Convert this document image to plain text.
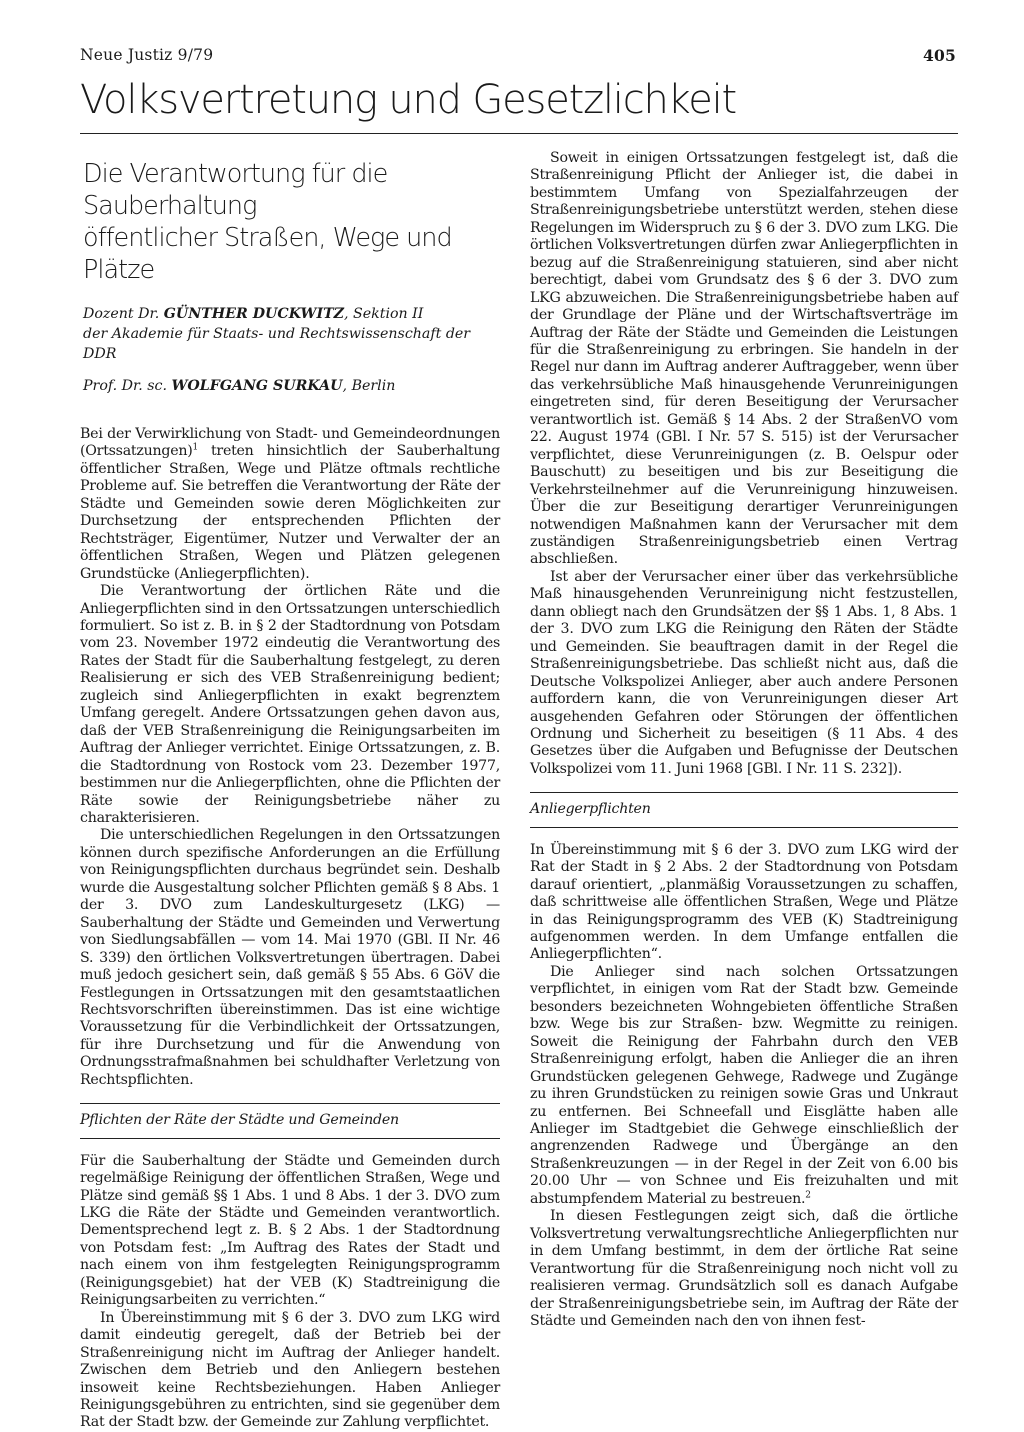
Neue Justiz 9/79	405
Volksvertretung und Gesetzlichkeit
Die Verantwortung für die Sauberhaltung
öffentlicher Straßen, Wege und Plätze
Dozent Dr. GÜNTHER DUCKWITZ, Sektion II
der Akademie für Staats- und Rechtswissenschaft der DDR
Prof. Dr. sc. WOLFGANG SURKAU, Berlin

Bei der Verwirklichung von Stadt- und Gemeindeordnungen (Ortssatzungen)$^1$ treten hinsichtlich der Sauberhaltung öffentlicher Straßen, Wege und Plätze oftmals rechtliche Probleme auf. Sie betreffen die Verantwortung der Räte der Städte und Gemeinden sowie deren Möglichkeiten zur Durchsetzung der entsprechenden Pflichten der Rechtsträger, Eigentümer, Nutzer und Verwalter der an öffentlichen Straßen, Wegen und Plätzen gelegenen Grundstücke (Anliegerpflichten).

Die Verantwortung der örtlichen Räte und die Anliegerpflichten sind in den Ortssatzungen unterschiedlich formuliert. So ist z. B. in § 2 der Stadtordnung von Potsdam vom 23. November 1972 eindeutig die Verantwortung des Rates der Stadt für die Sauberhaltung festgelegt, zu deren Realisierung er sich des VEB Straßenreinigung bedient; zugleich sind Anliegerpflichten in exakt begrenztem Umfang geregelt. Andere Ortssatzungen gehen davon aus, daß der VEB Straßenreinigung die Reinigungsarbeiten im Auftrag der Anlieger verrichtet. Einige Ortssatzungen, z. B. die Stadtordnung von Rostock vom 23. Dezember 1977, bestimmen nur die Anliegerpflichten, ohne die Pflichten der Räte sowie der Reinigungsbetriebe näher zu charakterisieren.

Die unterschiedlichen Regelungen in den Ortssatzungen können durch spezifische Anforderungen an die Erfüllung von Reinigungspflichten durchaus begründet sein. Deshalb wurde die Ausgestaltung solcher Pflichten gemäß § 8 Abs. 1 der 3. DVO zum Landeskulturgesetz (LKG) — Sauberhaltung der Städte und Gemeinden und Verwertung von Siedlungsabfällen — vom 14. Mai 1970 (GBl. II Nr. 46 S. 339) den örtlichen Volksvertretungen übertragen. Dabei muß jedoch gesichert sein, daß gemäß § 55 Abs. 6 GöV die Festlegungen in Ortssatzungen mit den gesamtstaatlichen Rechtsvorschriften übereinstimmen. Das ist eine wichtige Voraussetzung für die Verbindlichkeit der Ortssatzungen, für ihre Durchsetzung und für die Anwendung von Ordnungsstrafmaßnahmen bei schuldhafter Verletzung von Rechtspflichten.

Pflichten der Räte der Städte und Gemeinden

Für die Sauberhaltung der Städte und Gemeinden durch regelmäßige Reinigung der öffentlichen Straßen, Wege und Plätze sind gemäß §§ 1 Abs. 1 und 8 Abs. 1 der 3. DVO zum LKG die Räte der Städte und Gemeinden verantwortlich. Dementsprechend legt z. B. § 2 Abs. 1 der Stadtordnung von Potsdam fest: „Im Auftrag des Rates der Stadt und nach einem von ihm festgelegten Reinigungsprogramm (Reinigungsgebiet) hat der VEB (K) Stadtreinigung die Reinigungsarbeiten zu verrichten.“

In Übereinstimmung mit § 6 der 3. DVO zum LKG wird damit eindeutig geregelt, daß der Betrieb bei der Straßenreinigung nicht im Auftrag der Anlieger handelt. Zwischen dem Betrieb und den Anliegern bestehen insoweit keine Rechtsbeziehungen. Haben Anlieger Reinigungsgebühren zu entrichten, sind sie gegenüber dem Rat der Stadt bzw. der Gemeinde zur Zahlung verpflichtet.

Soweit in einigen Ortssatzungen festgelegt ist, daß die Straßenreinigung Pflicht der Anlieger ist, die dabei in bestimmtem Umfang von Spezialfahrzeugen der Straßenreinigungsbetriebe unterstützt werden, stehen diese Regelungen im Widerspruch zu § 6 der 3. DVO zum LKG. Die örtlichen Volksvertretungen dürfen zwar Anliegerpflichten in bezug auf die Straßenreinigung statuieren, sind aber nicht berechtigt, dabei vom Grundsatz des § 6 der 3. DVO zum LKG abzuweichen. Die Straßenreinigungsbetriebe haben auf der Grundlage der Pläne und der Wirtschaftsverträge im Auftrag der Räte der Städte und Gemeinden die Leistungen für die Straßenreinigung zu erbringen. Sie handeln in der Regel nur dann im Auftrag anderer Auftraggeber, wenn über das verkehrsübliche Maß hinausgehende Verunreinigungen eingetreten sind, für deren Beseitigung der Verursacher verantwortlich ist. Gemäß § 14 Abs. 2 der StraßenVO vom 22. August 1974 (GBl. I Nr. 57 S. 515) ist der Verursacher verpflichtet, diese Verunreinigungen (z. B. Oelspur oder Bauschutt) zu beseitigen und bis zur Beseitigung die Verkehrsteilnehmer auf die Verunreinigung hinzuweisen. Über die zur Beseitigung derartiger Verunreinigungen notwendigen Maßnahmen kann der Verursacher mit dem zuständigen Straßenreinigungsbetrieb einen Vertrag abschließen.

Ist aber der Verursacher einer über das verkehrsübliche Maß hinausgehenden Verunreinigung nicht festzustellen, dann obliegt nach den Grundsätzen der §§ 1 Abs. 1, 8 Abs. 1 der 3. DVO zum LKG die Reinigung den Räten der Städte und Gemeinden. Sie beauftragen damit in der Regel die Straßenreinigungsbetriebe. Das schließt nicht aus, daß die Deutsche Volkspolizei Anlieger, aber auch andere Personen auffordern kann, die von Verunreinigungen dieser Art ausgehenden Gefahren oder Störungen der öffentlichen Ordnung und Sicherheit zu beseitigen (§ 11 Abs. 4 des Gesetzes über die Aufgaben und Befugnisse der Deutschen Volkspolizei vom 11. Juni 1968 [GBl. I Nr. 11 S. 232]).

Anliegerpflichten

In Übereinstimmung mit § 6 der 3. DVO zum LKG wird der Rat der Stadt in § 2 Abs. 2 der Stadtordnung von Potsdam darauf orientiert, „planmäßig Voraussetzungen zu schaffen, daß schrittweise alle öffentlichen Straßen, Wege und Plätze in das Reinigungsprogramm des VEB (K) Stadtreinigung aufgenommen werden. In dem Umfange entfallen die Anliegerpflichten“.

Die Anlieger sind nach solchen Ortssatzungen verpflichtet, in einigen vom Rat der Stadt bzw. Gemeinde besonders bezeichneten Wohngebieten öffentliche Straßen bzw. Wege bis zur Straßen- bzw. Wegmitte zu reinigen. Soweit die Reinigung der Fahrbahn durch den VEB Straßenreinigung erfolgt, haben die Anlieger die an ihren Grundstücken gelegenen Gehwege, Radwege und Zugänge zu ihren Grundstücken zu reinigen sowie Gras und Unkraut zu entfernen. Bei Schneefall und Eisglätte haben alle Anlieger im Stadtgebiet die Gehwege einschließlich der angrenzenden Radwege und Übergänge an den Straßenkreuzungen — in der Regel in der Zeit von 6.00 bis 20.00 Uhr — von Schnee und Eis freizuhalten und mit abstumpfendem Material zu bestreuen.$^2$

In diesen Festlegungen zeigt sich, daß die örtliche Volksvertretung verwaltungsrechtliche Anliegerpflichten nur in dem Umfang bestimmt, in dem der örtliche Rat seine Verantwortung für die Straßenreinigung noch nicht voll zu realisieren vermag. Grundsätzlich soll es danach Aufgabe der Straßenreinigungsbetriebe sein, im Auftrag der Räte der Städte und Gemeinden nach den von ihnen fest-
